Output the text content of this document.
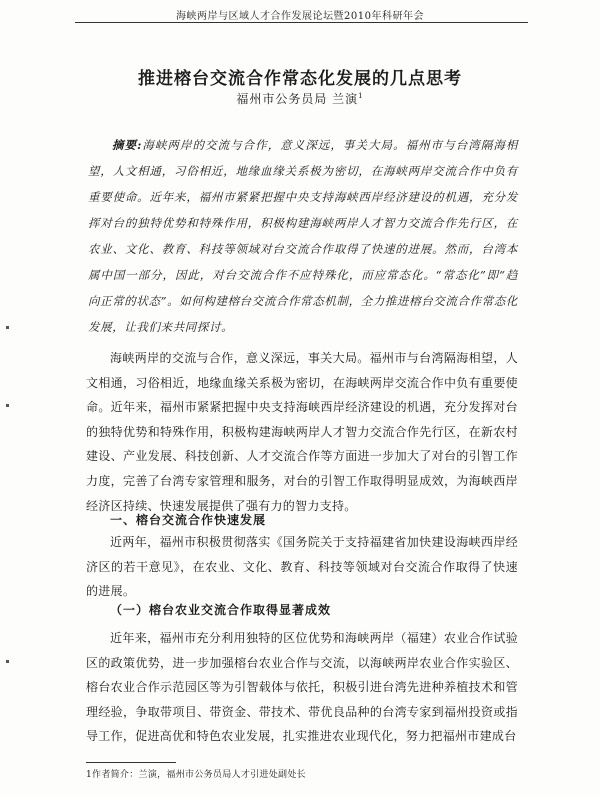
海峡两岸与区域人才合作发展论坛暨2010年科研年会
推进榕台交流合作常态化发展的几点思考
福州市公务员局 兰演$^1$
摘要:海峡两岸的交流与合作，意义深远，事关大局。福州市与台湾隔海相望，人文相通，习俗相近，地缘血缘关系极为密切，在海峡两岸交流合作中负有重要使命。近年来，福州市紧紧把握中央支持海峡西岸经济建设的机遇，充分发挥对台的独特优势和特殊作用，积极构建海峡两岸人才智力交流合作先行区，在农业、文化、教育、科技等领域对台交流合作取得了快速的进展。然而，台湾本属中国一部分，因此，对台交流合作不应特殊化，而应常态化。“常态化”即“趋向正常的状态”。如何构建榕台交流合作常态机制，全力推进榕台交流合作常态化发展，让我们来共同探讨。
海峡两岸的交流与合作，意义深远，事关大局。福州市与台湾隔海相望，人文相通，习俗相近，地缘血缘关系极为密切，在海峡两岸交流合作中负有重要使命。近年来，福州市紧紧把握中央支持海峡西岸经济建设的机遇，充分发挥对台的独特优势和特殊作用，积极构建海峡两岸人才智力交流合作先行区，在新农村建设、产业发展、科技创新、人才交流合作等方面进一步加大了对台的引智工作力度，完善了台湾专家管理和服务，对台的引智工作取得明显成效，为海峡西岸经济区持续、快速发展提供了强有力的智力支持。
一、榕台交流合作快速发展
近两年，福州市积极贯彻落实《国务院关于支持福建省加快建设海峡西岸经济区的若干意见》，在农业、文化、教育、科技等领域对台交流合作取得了快速的进展。
（一）榕台农业交流合作取得显著成效
近年来，福州市充分利用独特的区位优势和海峡两岸（福建）农业合作试验区的政策优势，进一步加强榕台农业合作与交流，以海峡两岸农业合作实验区、榕台农业合作示范园区等为引智载体与依托，积极引进台湾先进种养植技术和管理经验，争取带项目、带资金、带技术、带优良品种的台湾专家到福州投资或指导工作，促进高优和特色农业发展，扎实推进农业现代化，努力把福州市建成台
1作者简介：兰演，福州市公务员局人才引进处副处长
